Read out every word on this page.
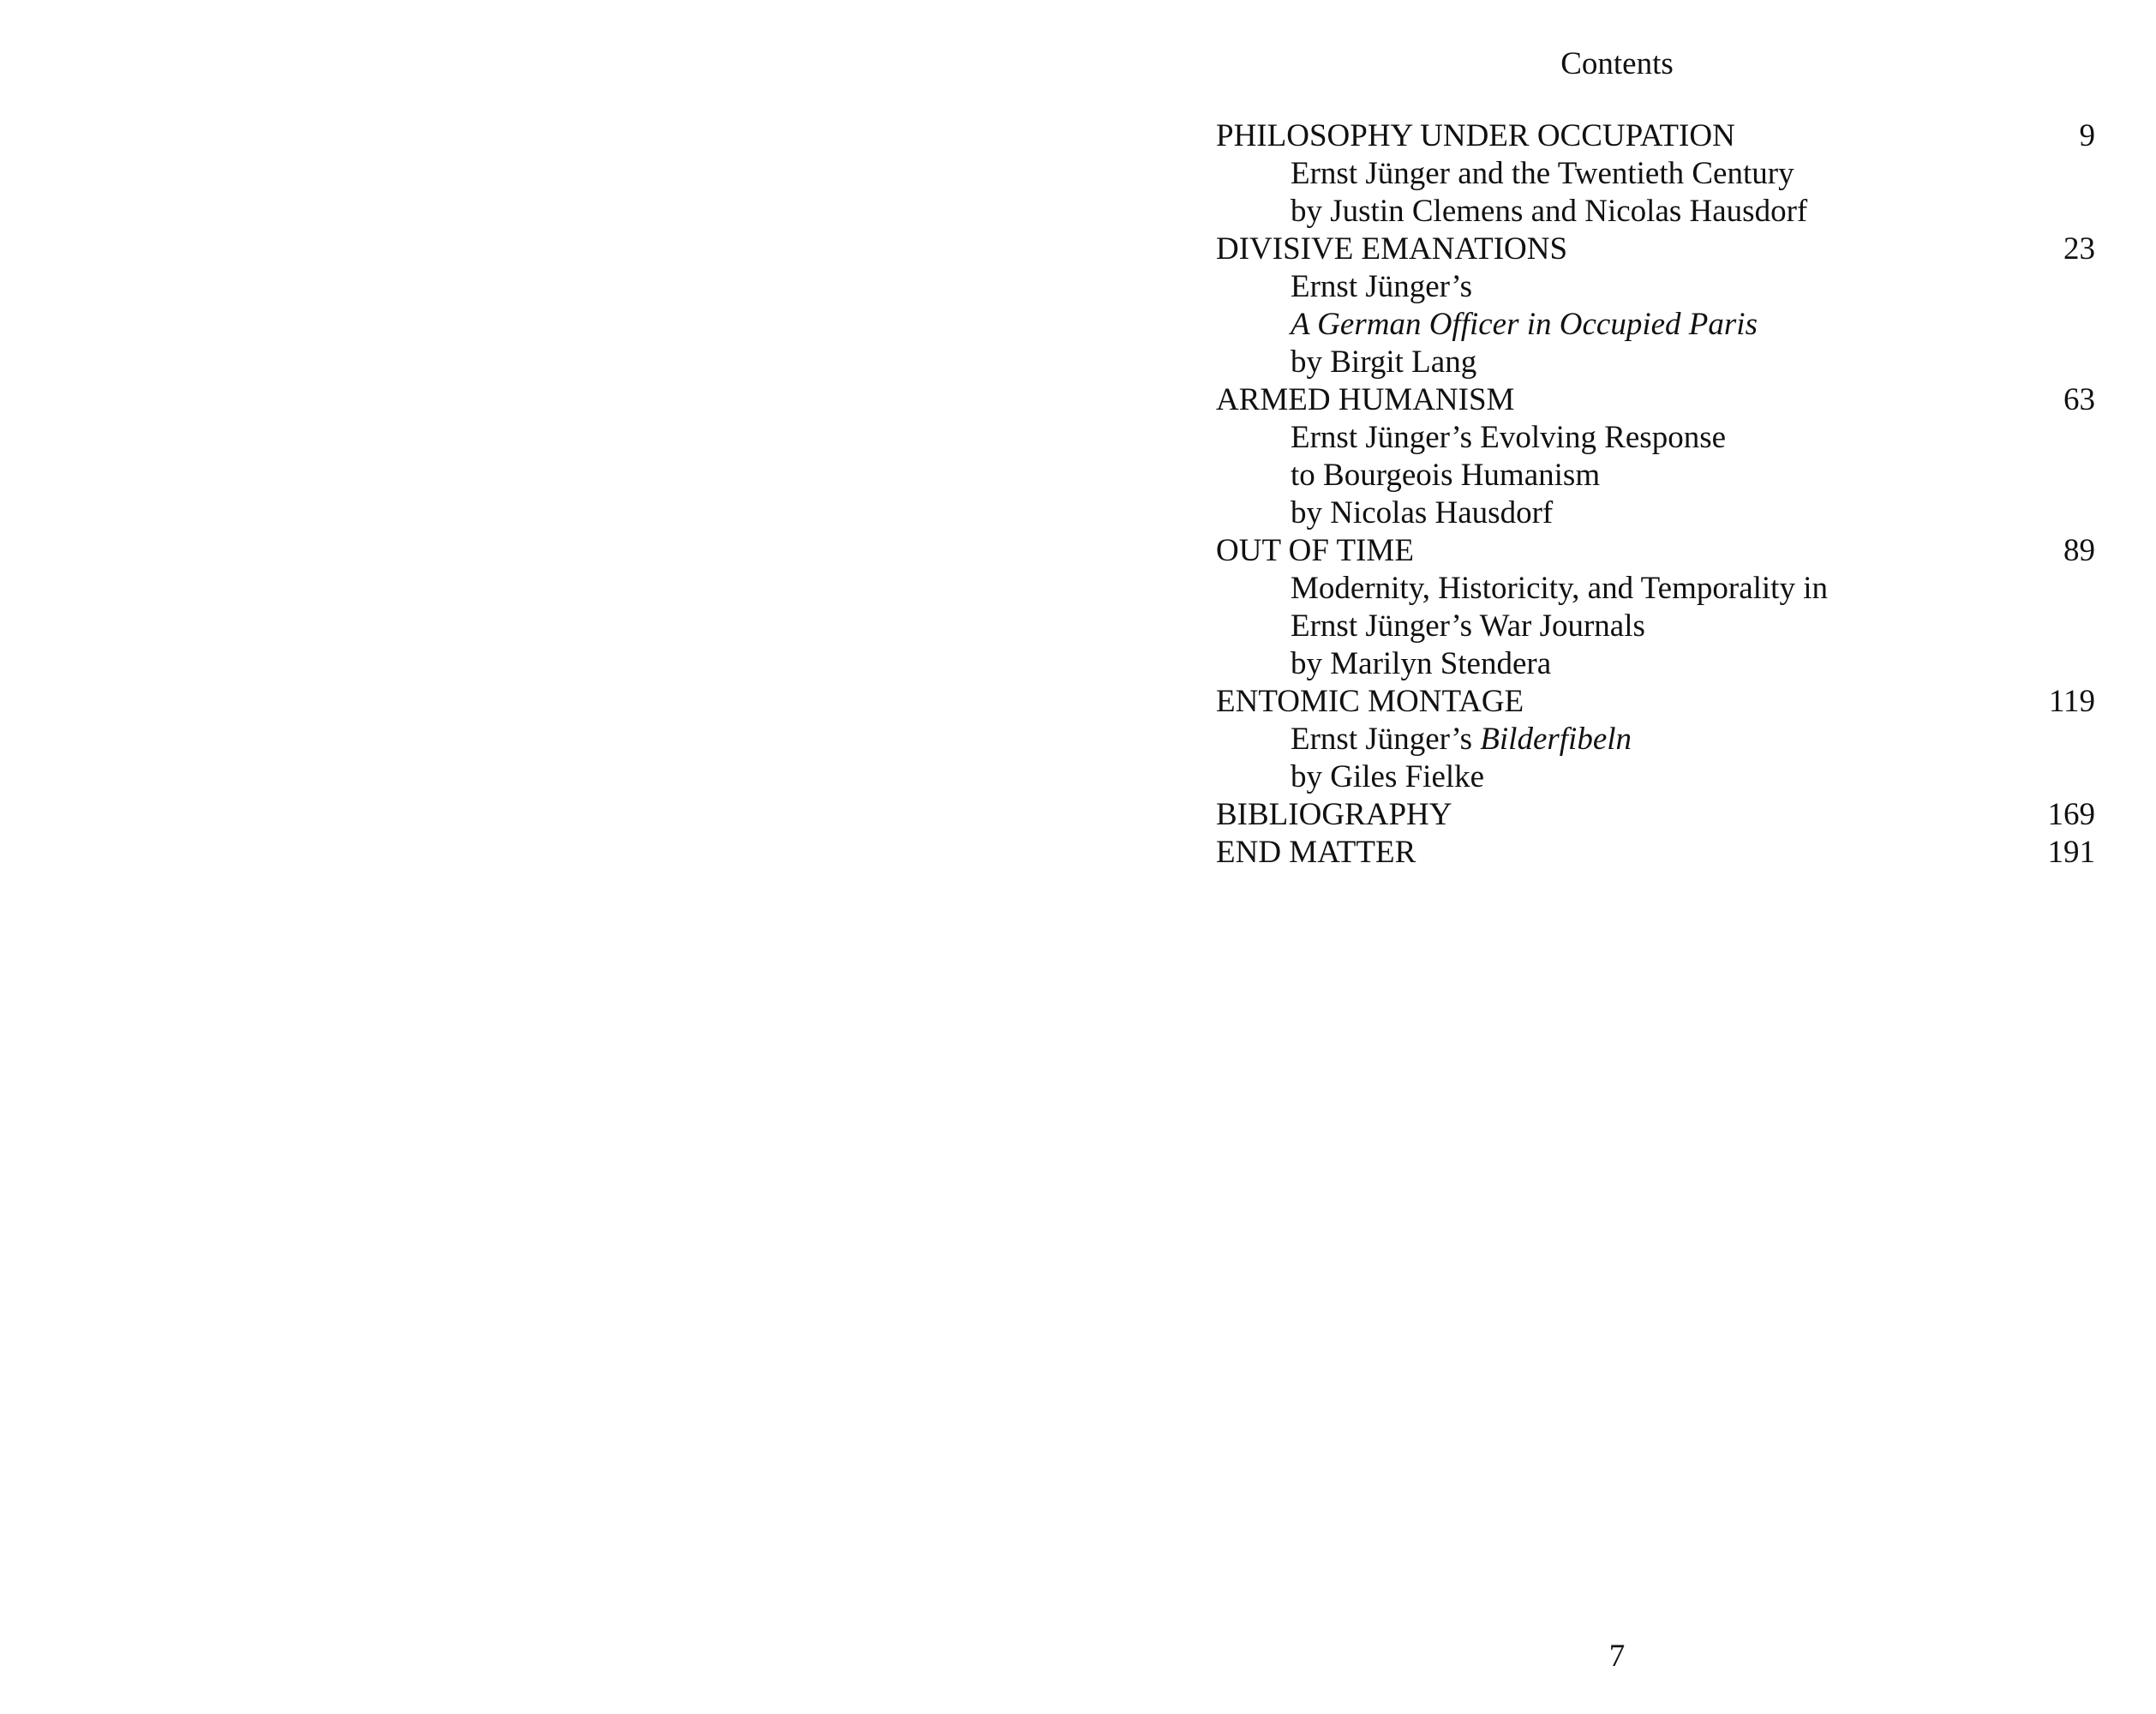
Contents
PHILOSOPHY UNDER OCCUPATION	9
Ernst Jünger and the Twentieth Century
by Justin Clemens and Nicolas Hausdorf
DIVISIVE EMANATIONS	23
Ernst Jünger’s
A German Officer in Occupied Paris
by Birgit Lang
ARMED HUMANISM	63
Ernst Jünger’s Evolving Response
to Bourgeois Humanism
by Nicolas Hausdorf
OUT OF TIME	89
Modernity, Historicity, and Temporality in
Ernst Jünger’s War Journals
by Marilyn Stendera
ENTOMIC MONTAGE	119
Ernst Jünger’s Bilderfibeln
by Giles Fielke
BIBLIOGRAPHY	169
END MATTER	191
7
